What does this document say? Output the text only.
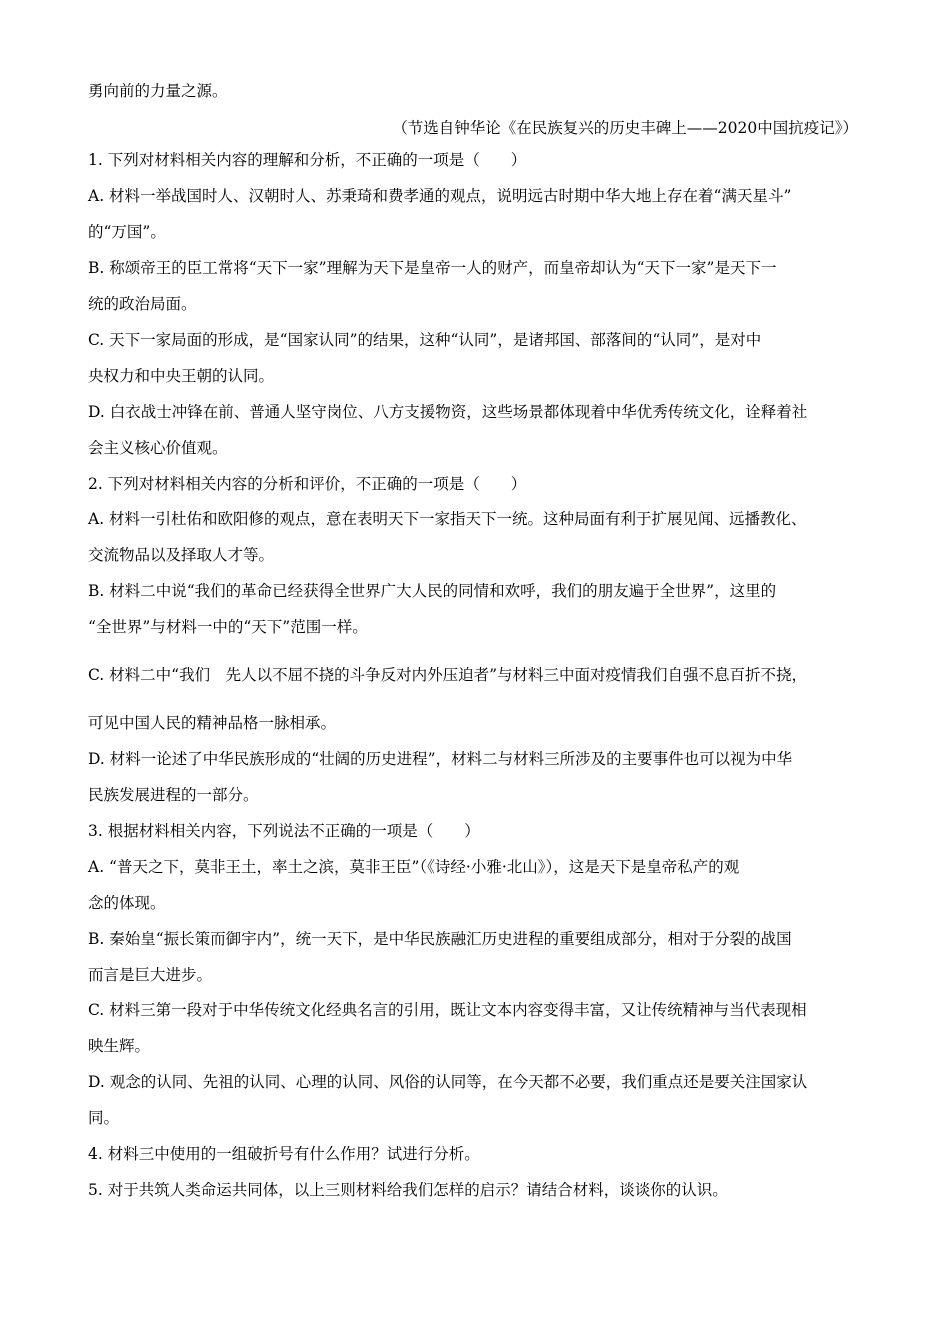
勇向前的力量之源。
（节选自钟华论《在民族复兴的历史丰碑上——2020中国抗疫记》）
1. 下列对材料相关内容的理解和分析，不正确的一项是（　　）
A. 材料一举战国时人、汉朝时人、苏秉琦和费孝通的观点，说明远古时期中华大地上存在着“满天星斗”
的“万国”。
B. 称颂帝王的臣工常将“天下一家”理解为天下是皇帝一人的财产，而皇帝却认为“天下一家”是天下一
统的政治局面。
C. 天下一家局面的形成，是“国家认同”的结果，这种“认同”，是诸邦国、部落间的“认同”，是对中
央权力和中央王朝的认同。
D. 白衣战士冲锋在前、普通人坚守岗位、八方支援物资，这些场景都体现着中华优秀传统文化，诠释着社
会主义核心价值观。
2. 下列对材料相关内容的分析和评价，不正确的一项是（　　）
A. 材料一引杜佑和欧阳修的观点，意在表明天下一家指天下一统。这种局面有利于扩展见闻、远播教化、
交流物品以及择取人才等。
B. 材料二中说“我们的革命已经获得全世界广大人民的同情和欢呼，我们的朋友遍于全世界”，这里的
“全世界”与材料一中的“天下”范围一样。
C. 材料二中“我们　先人以不屈不挠的斗争反对内外压迫者”与材料三中面对疫情我们自强不息百折不挠，
可见中国人民的精神品格一脉相承。
D. 材料一论述了中华民族形成的“壮阔的历史进程”，材料二与材料三所涉及的主要事件也可以视为中华
民族发展进程的一部分。
3. 根据材料相关内容，下列说法不正确的一项是（　　）
A. “普天之下，莫非王土，率土之滨，莫非王臣”（《诗经·小雅·北山》），这是天下是皇帝私产的观
念的体现。
B. 秦始皇“振长策而御宇内”，统一天下，是中华民族融汇历史进程的重要组成部分，相对于分裂的战国
而言是巨大进步。
C. 材料三第一段对于中华传统文化经典名言的引用，既让文本内容变得丰富，又让传统精神与当代表现相
映生辉。
D. 观念的认同、先祖的认同、心理的认同、风俗的认同等，在今天都不必要，我们重点还是要关注国家认
同。
4. 材料三中使用的一组破折号有什么作用？试进行分析。
5. 对于共筑人类命运共同体，以上三则材料给我们怎样的启示？请结合材料，谈谈你的认识。
